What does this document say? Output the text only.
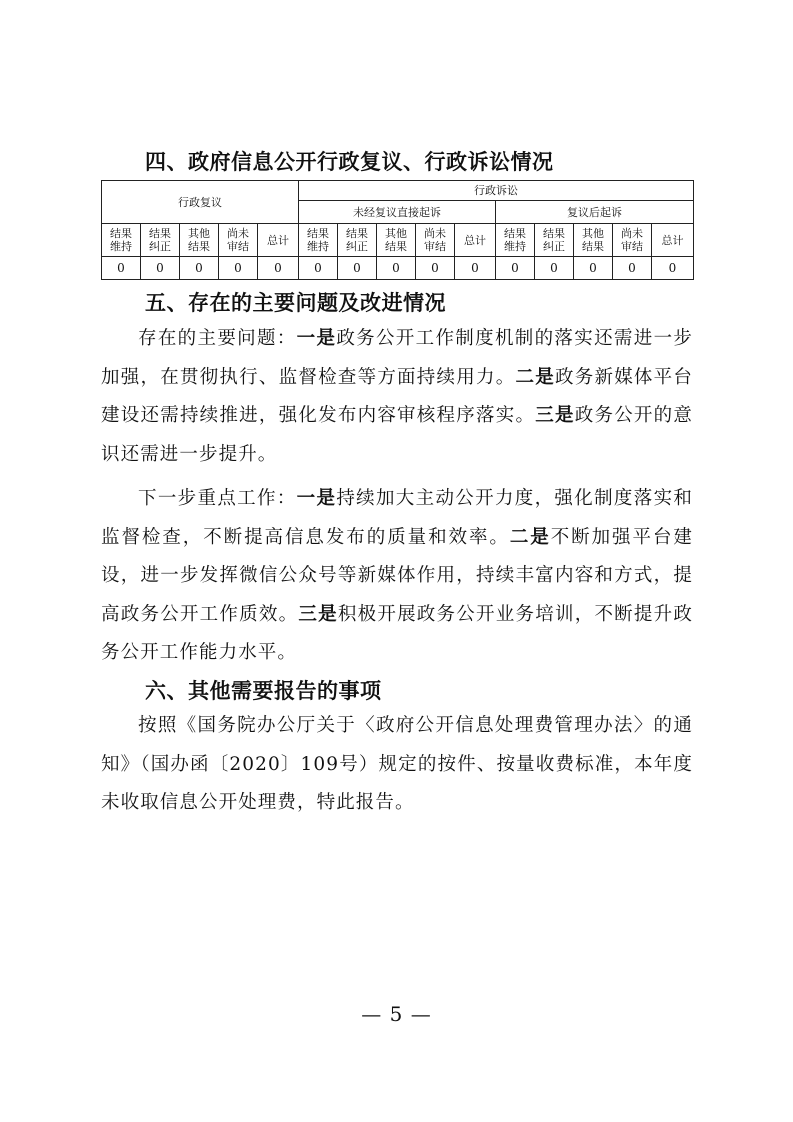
四、政府信息公开行政复议、行政诉讼情况
行政复议					行政诉讼									
					未经复议直接起诉					复议后起诉				

结果维持	结果纠正	其他结果	尚未审结	总计	结果维持	结果纠正	其他结果	尚未审结	总计	结果维持	结果纠正	其他结果	尚未审结	总计
0	0	0	0	0	0	0	0	0	0	0	0	0	0	0
五、存在的主要问题及改进情况
存在的主要问题：一是政务公开工作制度机制的落实还需进一步加强，在贯彻执行、监督检查等方面持续用力。二是政务新媒体平台建设还需持续推进，强化发布内容审核程序落实。三是政务公开的意识还需进一步提升。
下一步重点工作：一是持续加大主动公开力度，强化制度落实和监督检查，不断提高信息发布的质量和效率。二是不断加强平台建设，进一步发挥微信公众号等新媒体作用，持续丰富内容和方式，提高政务公开工作质效。三是积极开展政务公开业务培训，不断提升政务公开工作能力水平。
六、其他需要报告的事项
按照《国务院办公厅关于〈政府公开信息处理费管理办法〉的通知》（国办函〔2020〕109号）规定的按件、按量收费标准，本年度未收取信息公开处理费，特此报告。
— 5 —
